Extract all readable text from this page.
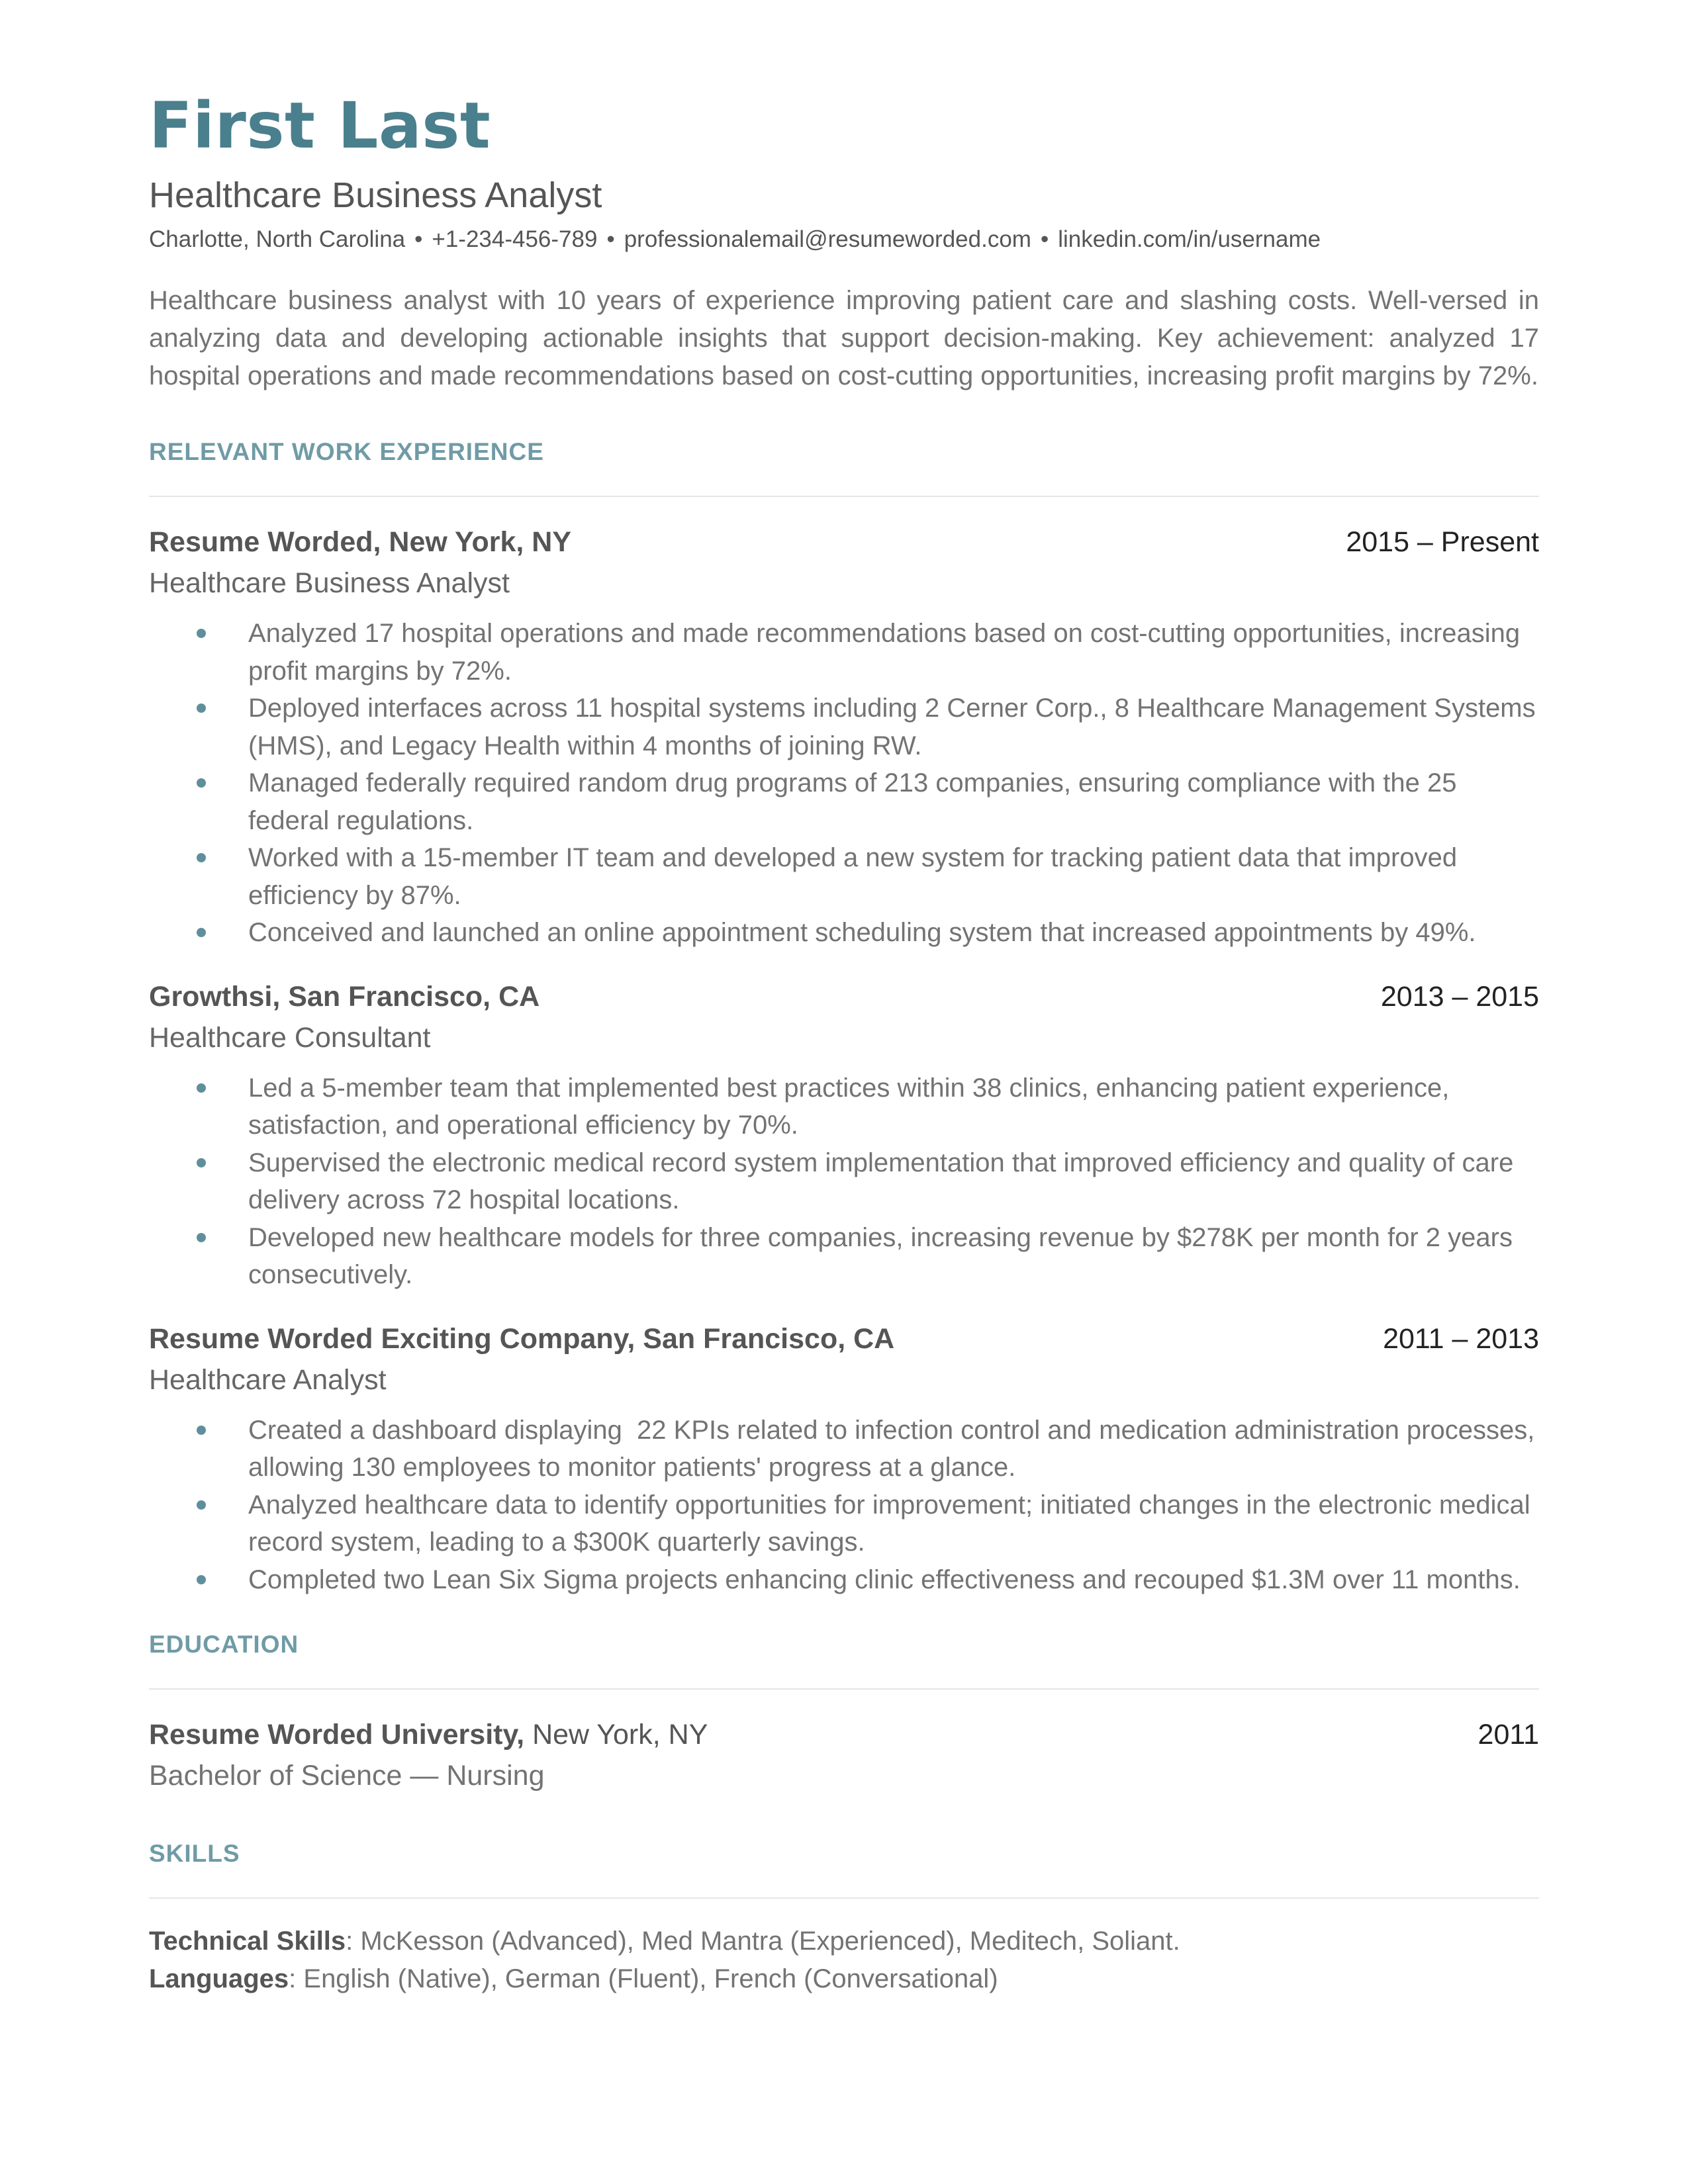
First Last
Healthcare Business Analyst
Charlotte, North Carolina • +1-234-456-789 • professionalemail@resumeworded.com • linkedin.com/in/username
Healthcare business analyst with 10 years of experience improving patient care and slashing costs. Well-versed in analyzing data and developing actionable insights that support decision-making. Key achievement: analyzed 17 hospital operations and made recommendations based on cost-cutting opportunities, increasing profit margins by 72%.
RELEVANT WORK EXPERIENCE
Resume Worded, New York, NY	2015 – Present
Healthcare Business Analyst
Analyzed 17 hospital operations and made recommendations based on cost-cutting opportunities, increasing profit margins by 72%.
Deployed interfaces across 11 hospital systems including 2 Cerner Corp., 8 Healthcare Management Systems (HMS), and Legacy Health within 4 months of joining RW.
Managed federally required random drug programs of 213 companies, ensuring compliance with the 25 federal regulations.
Worked with a 15-member IT team and developed a new system for tracking patient data that improved efficiency by 87%.
Conceived and launched an online appointment scheduling system that increased appointments by 49%.
Growthsi, San Francisco, CA	2013 – 2015
Healthcare Consultant
Led a 5-member team that implemented best practices within 38 clinics, enhancing patient experience, satisfaction, and operational efficiency by 70%.
Supervised the electronic medical record system implementation that improved efficiency and quality of care delivery across 72 hospital locations.
Developed new healthcare models for three companies, increasing revenue by $278K per month for 2 years consecutively.
Resume Worded Exciting Company, San Francisco, CA	2011 – 2013
Healthcare Analyst
Created a dashboard displaying  22 KPIs related to infection control and medication administration processes, allowing 130 employees to monitor patients' progress at a glance.
Analyzed healthcare data to identify opportunities for improvement; initiated changes in the electronic medical record system, leading to a $300K quarterly savings.
Completed two Lean Six Sigma projects enhancing clinic effectiveness and recouped $1.3M over 11 months.
EDUCATION
Resume Worded University, New York, NY	2011
Bachelor of Science — Nursing
SKILLS
Technical Skills: McKesson (Advanced), Med Mantra (Experienced), Meditech, Soliant.
Languages: English (Native), German (Fluent), French (Conversational)
